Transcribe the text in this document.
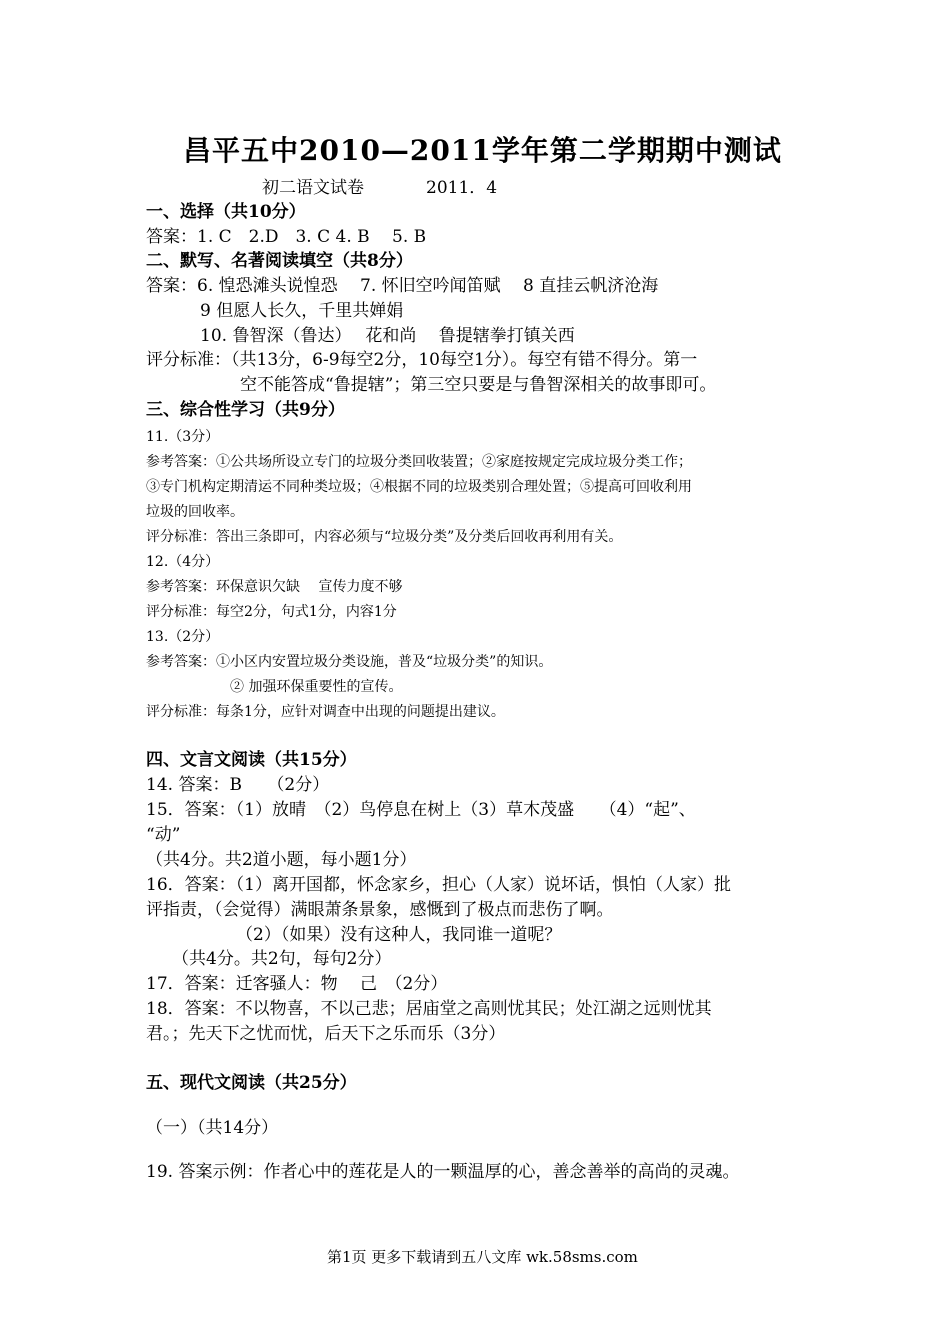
昌平五中2010—2011学年第二学期期中测试
初二语文试卷	2011．4
一、选择（共10分）
答案：1. C　2.D　3. C 4. B　 5. B
二、默写、名著阅读填空（共8分）
答案：6. 惶恐滩头说惶恐　 7. 怀旧空吟闻笛赋　 8 直挂云帆济沧海
9 但愿人长久，千里共婵娟
10. 鲁智深（鲁达）　 花和尚　 鲁提辖拳打镇关西
评分标准：（共13分，6-9每空2分，10每空1分）。每空有错不得分。第一
空不能答成“鲁提辖”；第三空只要是与鲁智深相关的故事即可。
三、综合性学习（共9分）
11.（3分）
参考答案：①公共场所设立专门的垃圾分类回收装置；②家庭按规定完成垃圾分类工作；
③专门机构定期清运不同种类垃圾；④根据不同的垃圾类别合理处置；⑤提高可回收利用
垃圾的回收率。
评分标准：答出三条即可，内容必须与“垃圾分类”及分类后回收再利用有关。
12.（4分）
参考答案：环保意识欠缺　 宣传力度不够
评分标准：每空2分，句式1分，内容1分
13.（2分）
参考答案：①小区内安置垃圾分类设施，普及“垃圾分类”的知识。
② 加强环保重要性的宣传。
评分标准：每条1分，应针对调查中出现的问题提出建议。
四、文言文阅读（共15分）
14. 答案：B　　（2分）
15．答案：（1）放晴　（2）鸟停息在树上（3）草木茂盛　　（4）“起”、
“动”
（共4分。共2道小题，每小题1分）
16．答案：（1）离开国都，怀念家乡，担心（人家）说坏话，惧怕（人家）批
评指责，（会觉得）满眼萧条景象，感慨到了极点而悲伤了啊。
（2）（如果）没有这种人，我同谁一道呢？
（共4分。共2句，每句2分）
17．答案：迁客骚人：物　 己　（2分）
18．答案：不以物喜，不以己悲；居庙堂之高则忧其民；处江湖之远则忧其
君。；先天下之忧而忧，后天下之乐而乐（3分）
五、现代文阅读（共25分）
（一）（共14分）
19. 答案示例：作者心中的莲花是人的一颗温厚的心，善念善举的高尚的灵魂。
第1页 更多下载请到五八文库 wk.58sms.com
